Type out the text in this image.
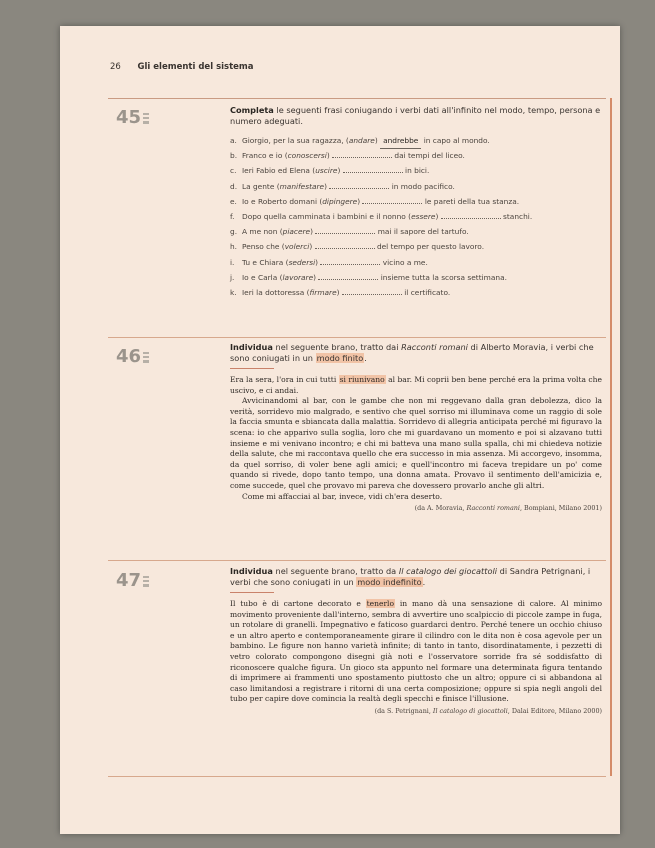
26 Gli elementi del sistema
45	Completa le seguenti frasi coniugando i verbi dati all'infinito nel modo, tempo, persona e numero adeguati.
a. Giorgio, per la sua ragazza, (andare) andrebbe in capo al mondo.
b. Franco e io (conoscersi)	dai tempi del liceo.
c. Ieri Fabio ed Elena (uscire)	in bici.
d. La gente (manifestare)	in modo pacifico.
e. Io e Roberto domani (dipingere)	le pareti della tua stanza.
f. Dopo quella camminata i bambini e il nonno (essere)	stanchi.
g. A me non (piacere)	mai il sapore del tartufo.
h. Penso che (volerci)	del tempo per questo lavoro.
i. Tu e Chiara (sedersi)	vicino a me.
j. Io e Carla (lavorare)	insieme tutta la scorsa settimana.
k. Ieri la dottoressa (firmare)	il certificato.
46	Individua nel seguente brano, tratto dai Racconti romani di Alberto Moravia, i verbi che sono coniugati in un modo finito.

Era la sera, l'ora in cui tutti si riunivano al bar. Mi coprii ben bene perché era la prima volta che uscivo, e ci andai.

Avvicinandomi al bar, con le gambe che non mi reggevano dalla gran debolezza, dico la verità, sorridevo mio malgrado, e sentivo che quel sorriso mi illuminava come un raggio di sole la faccia smunta e sbiancata dalla malattia. Sorridevo di allegria anticipata perché mi figuravo la scena: io che apparivo sulla soglia, loro che mi guardavano un momento e poi si alzavano tutti insieme e mi venivano incontro; e chi mi batteva una mano sulla spalla, chi mi chiedeva notizie della salute, che mi raccontava quello che era successo in mia assenza. Mi accorgevo, insomma, da quel sorriso, di voler bene agli amici; e quell'incontro mi faceva trepidare un po' come quando si rivede, dopo tanto tempo, una donna amata. Provavo il sentimento dell'amicizia e, come succede, quel che provavo mi pareva che dovessero provarlo anche gli altri.

Come mi affacciai al bar, invece, vidi ch'era deserto.

(da A. Moravia, Racconti romani, Bompiani, Milano 2001)
47	Individua nel seguente brano, tratto da Il catalogo dei giocattoli di Sandra Petrignani, i verbi che sono coniugati in un modo indefinito.

Il tubo è di cartone decorato e tenerlo in mano dà una sensazione di calore. Al minimo movimento proveniente dall'interno, sembra di avvertire uno scalpiccio di piccole zampe in fuga, un rotolare di granelli. Impegnativo e faticoso guardarci dentro. Perché tenere un occhio chiuso e un altro aperto e contemporaneamente girare il cilindro con le dita non è cosa agevole per un bambino. Le figure non hanno varietà infinite; di tanto in tanto, disordinatamente, i pezzetti di vetro colorato compongono disegni già noti e l'osservatore sorride fra sé soddisfatto di riconoscere qualche figura. Un gioco sta appunto nel formare una determinata figura tentando di imprimere ai frammenti uno spostamento piuttosto che un altro; oppure ci si abbandona al caso limitandosi a registrare i ritorni di una certa composizione; oppure si spia negli angoli del tubo per capire dove comincia la realtà degli specchi e finisce l'illusione.

(da S. Petrignani, Il catalogo di giocattoli, Dalai Editore, Milano 2000)
